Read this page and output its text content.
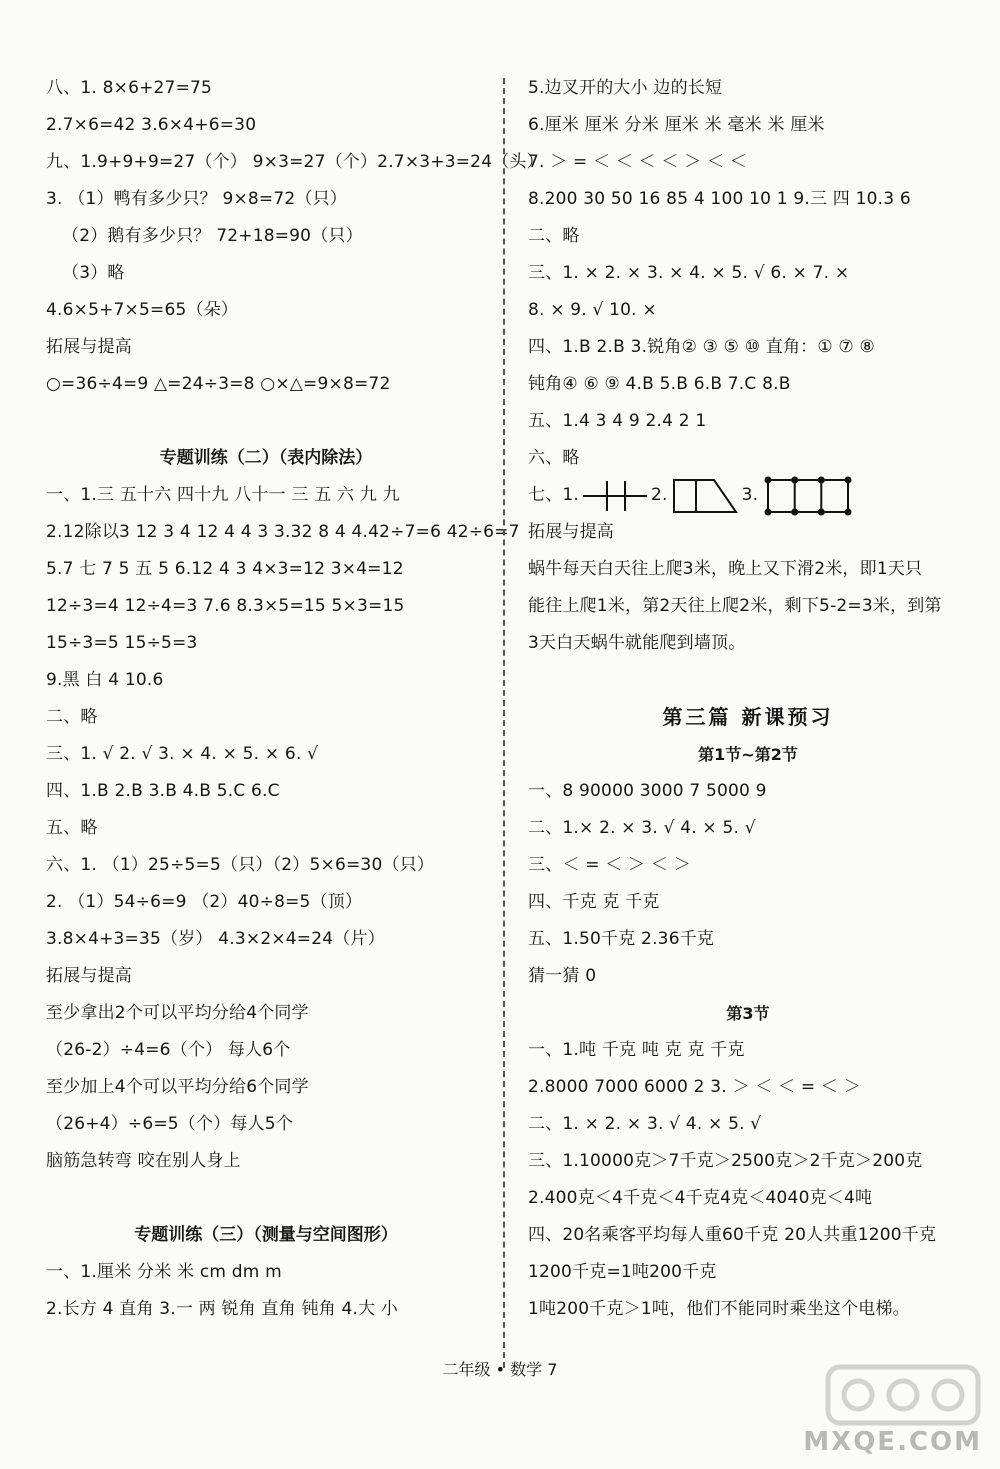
八、1. 8×6+27=75
2.7×6=42 3.6×4+6=30
九、1.9+9+9=27（个） 9×3=27（个）2.7×3+3=24（头）
3. （1）鸭有多少只？ 9×8=72（只）
（2）鹅有多少只？ 72+18=90（只）
（3）略
4.6×5+7×5=65（朵）
拓展与提高
○=36÷4=9 △=24÷3=8 ○×△=9×8=72
专题训练（二）（表内除法）
一、1.三 五十六 四十九 八十一 三 五 六 九 九
2.12除以3 12 3 4 12 4 4 3 3.32 8 4 4.42÷7=6 42÷6=7
5.7 七 7 5 五 5 6.12 4 3 4×3=12 3×4=12
12÷3=4 12÷4=3 7.6 8.3×5=15 5×3=15
15÷3=5 15÷5=3
9.黑 白 4 10.6
二、略
三、1. √ 2. √ 3. × 4. × 5. × 6. √
四、1.B 2.B 3.B 4.B 5.C 6.C
五、略
六、1. （1）25÷5=5（只）（2）5×6=30（只）
2. （1）54÷6=9 （2）40÷8=5（顶）
3.8×4+3=35（岁） 4.3×2×4=24（片）
拓展与提高
至少拿出2个可以平均分给4个同学
（26-2）÷4=6（个） 每人6个
至少加上4个可以平均分给6个同学
（26+4）÷6=5（个）每人5个
脑筋急转弯 咬在别人身上
专题训练（三）（测量与空间图形）
一、1.厘米 分米 米 cm dm m
2.长方 4 直角 3.一 两 锐角 直角 钝角 4.大 小
5.边叉开的大小 边的长短
6.厘米 厘米 分米 厘米 米 毫米 米 厘米
7. ＞ = ＜ ＜ ＜ ＜ ＞ ＜ ＜
8.200 30 50 16 85 4 100 10 1 9.三 四 10.3 6
二、略
三、1. × 2. × 3. × 4. × 5. √ 6. × 7. ×
8. × 9. √ 10. ×
四、1.B 2.B 3.锐角② ③ ⑤ ⑩ 直角：① ⑦ ⑧
钝角④ ⑥ ⑨ 4.B 5.B 6.B 7.C 8.B
五、1.4 3 4 9 2.4 2 1
六、略
七、1.	2.	3.
拓展与提高
蜗牛每天白天往上爬3米，晚上又下滑2米，即1天只
能往上爬1米，第2天往上爬2米，剩下5-2=3米，到第
3天白天蜗牛就能爬到墙顶。
第三篇 新课预习
第1节~第2节
一、8 90000 3000 7 5000 9
二、1.× 2. × 3. √ 4. × 5. √
三、＜ = ＜ ＞ ＜ ＞
四、千克 克 千克
五、1.50千克 2.36千克
猜一猜 0
第3节
一、1.吨 千克 吨 克 克 千克
2.8000 7000 6000 2 3. ＞ ＜ ＜ = ＜ ＞
二、1. × 2. × 3. √ 4. × 5. √
三、1.10000克＞7千克＞2500克＞2千克＞200克
2.400克＜4千克＜4千克4克＜4040克＜4吨
四、20名乘客平均每人重60千克 20人共重1200千克
1200千克=1吨200千克
1吨200千克＞1吨，他们不能同时乘坐这个电梯。
二年级 • 数学 7
MXQE.COM
